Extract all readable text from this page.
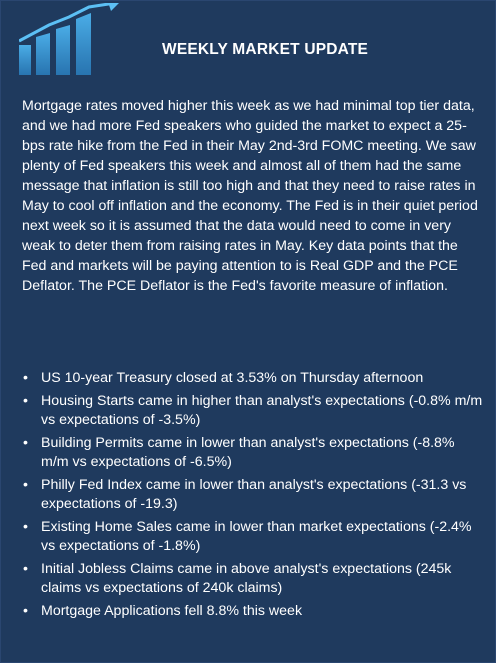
WEEKLY MARKET UPDATE

Mortgage rates moved higher this week as we had minimal top tier data, and we had more Fed speakers who guided the market to expect a 25-bps rate hike from the Fed in their May 2nd-3rd FOMC meeting. We saw plenty of Fed speakers this week and almost all of them had the same message that inflation is still too high and that they need to raise rates in May to cool off inflation and the economy. The Fed is in their quiet period next week so it is assumed that the data would need to come in very weak to deter them from raising rates in May. Key data points that the Fed and markets will be paying attention to is Real GDP and the PCE Deflator. The PCE Deflator is the Fed's favorite measure of inflation.

• US 10-year Treasury closed at 3.53% on Thursday afternoon
• Housing Starts came in higher than analyst's expectations (-0.8% m/m vs expectations of -3.5%)
• Building Permits came in lower than analyst's expectations (-8.8% m/m vs expectations of -6.5%)
• Philly Fed Index came in lower than analyst's expectations (-31.3 vs expectations of -19.3)
• Existing Home Sales came in lower than market expectations (-2.4% vs expectations of -1.8%)
• Initial Jobless Claims came in above analyst's expectations (245k claims vs expectations of 240k claims)
• Mortgage Applications fell 8.8% this week
